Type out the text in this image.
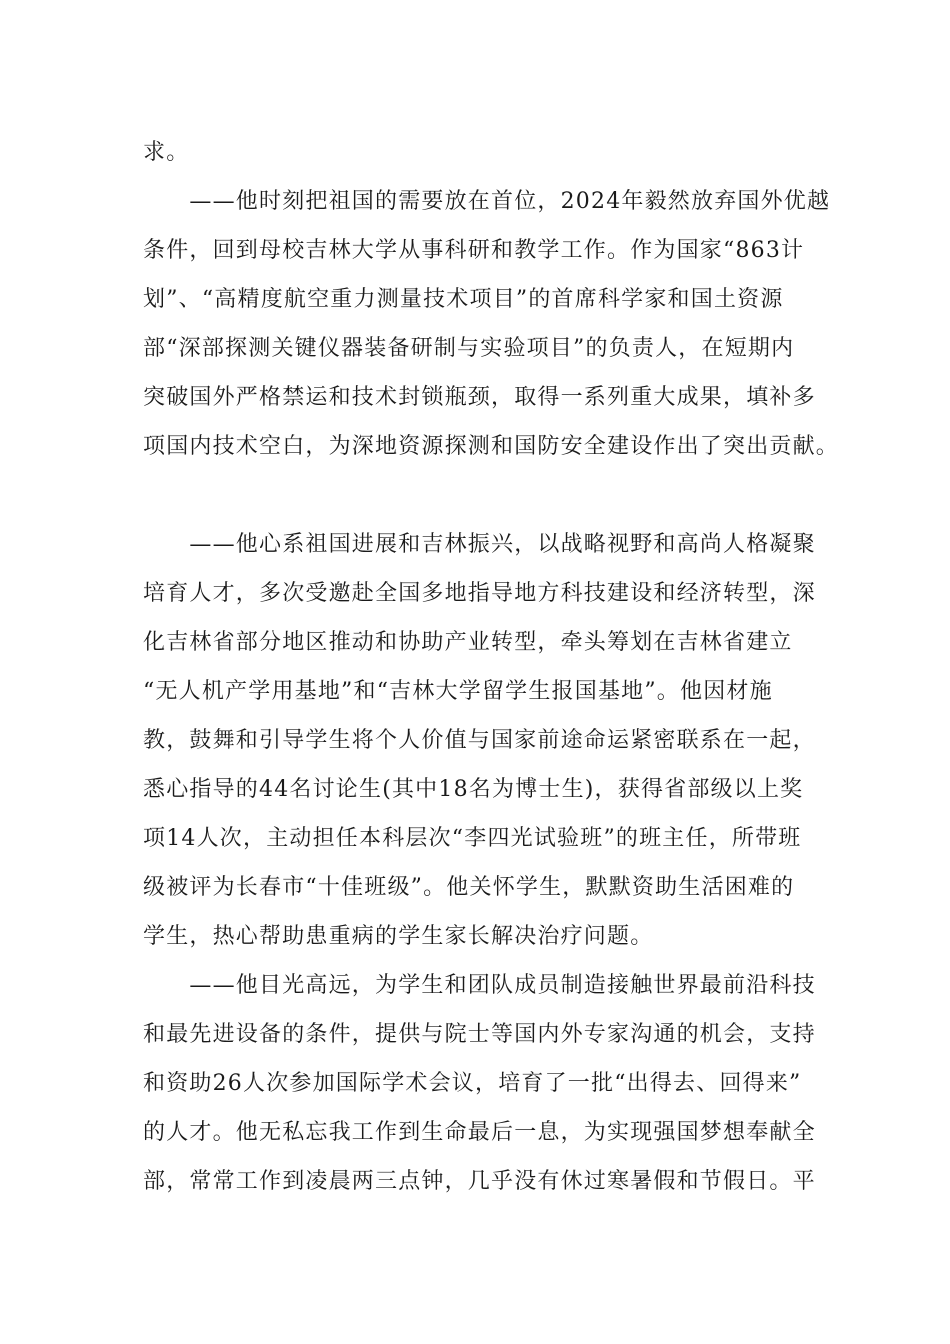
求。
　　——他时刻把祖国的需要放在首位，2024年毅然放弃国外优越
条件，回到母校吉林大学从事科研和教学工作。作为国家“863计
划”、“高精度航空重力测量技术项目”的首席科学家和国土资源
部“深部探测关键仪器装备研制与实验项目”的负责人，在短期内
突破国外严格禁运和技术封锁瓶颈，取得一系列重大成果，填补多
项国内技术空白，为深地资源探测和国防安全建设作出了突出贡献。
　　——他心系祖国进展和吉林振兴，以战略视野和高尚人格凝聚
培育人才，多次受邀赴全国多地指导地方科技建设和经济转型，深
化吉林省部分地区推动和协助产业转型，牵头筹划在吉林省建立
“无人机产学用基地”和“吉林大学留学生报国基地”。他因材施
教，鼓舞和引导学生将个人价值与国家前途命运紧密联系在一起，
悉心指导的44名讨论生(其中18名为博士生)，获得省部级以上奖
项14人次，主动担任本科层次“李四光试验班”的班主任，所带班
级被评为长春市“十佳班级”。他关怀学生，默默资助生活困难的
学生，热心帮助患重病的学生家长解决治疗问题。
　　——他目光高远，为学生和团队成员制造接触世界最前沿科技
和最先进设备的条件，提供与院士等国内外专家沟通的机会，支持
和资助26人次参加国际学术会议，培育了一批“出得去、回得来”
的人才。他无私忘我工作到生命最后一息，为实现强国梦想奉献全
部，常常工作到凌晨两三点钟，几乎没有休过寒暑假和节假日。平
